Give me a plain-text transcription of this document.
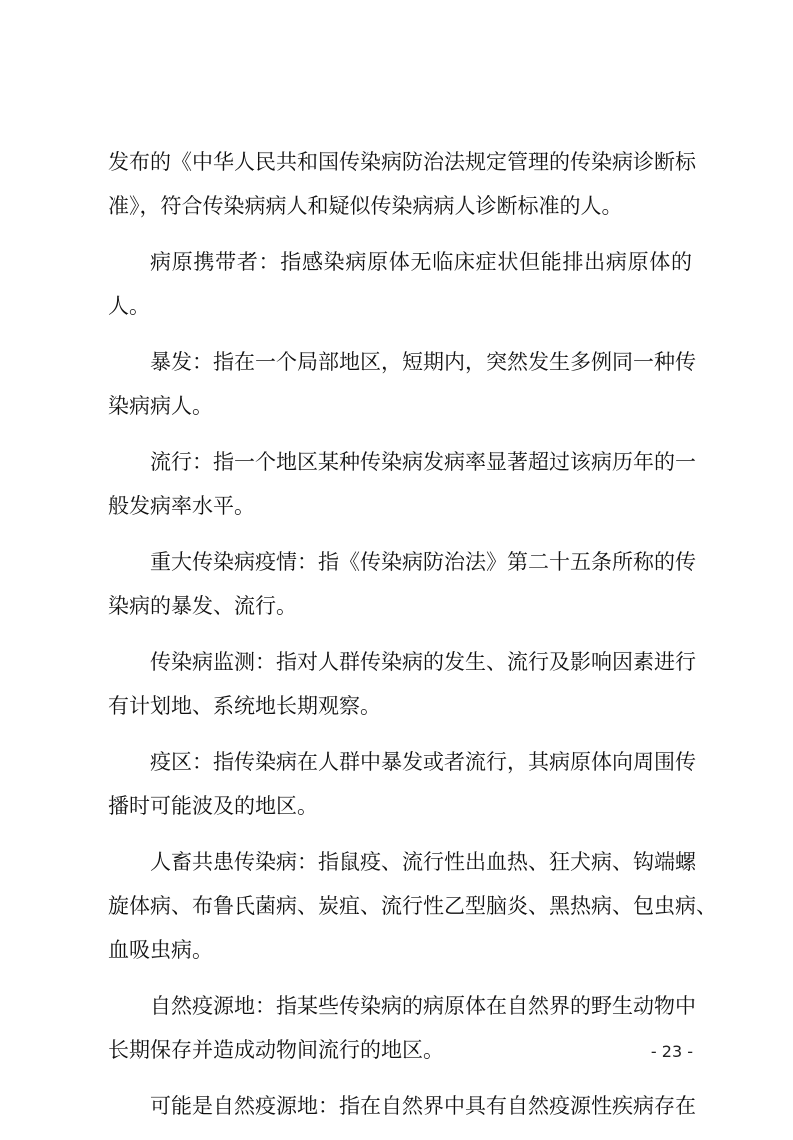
发布的《中华人民共和国传染病防治法规定管理的传染病诊断标
准》，符合传染病病人和疑似传染病病人诊断标准的人。

病原携带者：指感染病原体无临床症状但能排出病原体的
人。

暴发：指在一个局部地区，短期内，突然发生多例同一种传
染病病人。

流行：指一个地区某种传染病发病率显著超过该病历年的一
般发病率水平。

重大传染病疫情：指《传染病防治法》第二十五条所称的传
染病的暴发、流行。

传染病监测：指对人群传染病的发生、流行及影响因素进行
有计划地、系统地长期观察。

疫区：指传染病在人群中暴发或者流行，其病原体向周围传
播时可能波及的地区。

人畜共患传染病：指鼠疫、流行性出血热、狂犬病、钩端螺
旋体病、布鲁氏菌病、炭疽、流行性乙型脑炎、黑热病、包虫病、
血吸虫病。

自然疫源地：指某些传染病的病原体在自然界的野生动物中
长期保存并造成动物间流行的地区。

可能是自然疫源地：指在自然界中具有自然疫源性疾病存在

- 23 -
